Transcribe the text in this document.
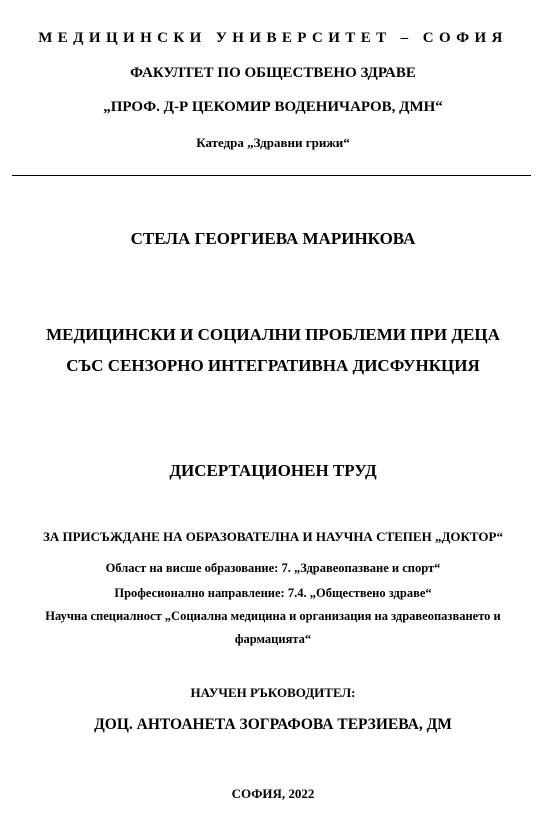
МЕДИЦИНСКИ УНИВЕРСИТЕТ – СОФИЯ
ФАКУЛТЕТ ПО ОБЩЕСТВЕНО ЗДРАВЕ
„ПРОФ. Д-Р ЦЕКОМИР ВОДЕНИЧАРОВ, ДМН“
Катедра „Здравни грижи“
СТЕЛА ГЕОРГИЕВА МАРИНКОВА
МЕДИЦИНСКИ И СОЦИАЛНИ ПРОБЛЕМИ ПРИ ДЕЦА
СЪС СЕНЗОРНО ИНТЕГРАТИВНА ДИСФУНКЦИЯ
ДИСЕРТАЦИОНЕН ТРУД
ЗА ПРИСЪЖДАНЕ НА ОБРАЗОВАТЕЛНА И НАУЧНА СТЕПЕН „ДОКТОР“
Област на висше образование: 7. „Здравеопазване и спорт“
Професионално направление: 7.4. „Обществено здраве“
Научна специалност „Социална медицина и организация на здравеопазването и
фармацията“
НАУЧЕН РЪКОВОДИТЕЛ:
ДОЦ. АНТОАНЕТА ЗОГРАФОВА ТЕРЗИЕВА, ДМ
СОФИЯ, 2022
